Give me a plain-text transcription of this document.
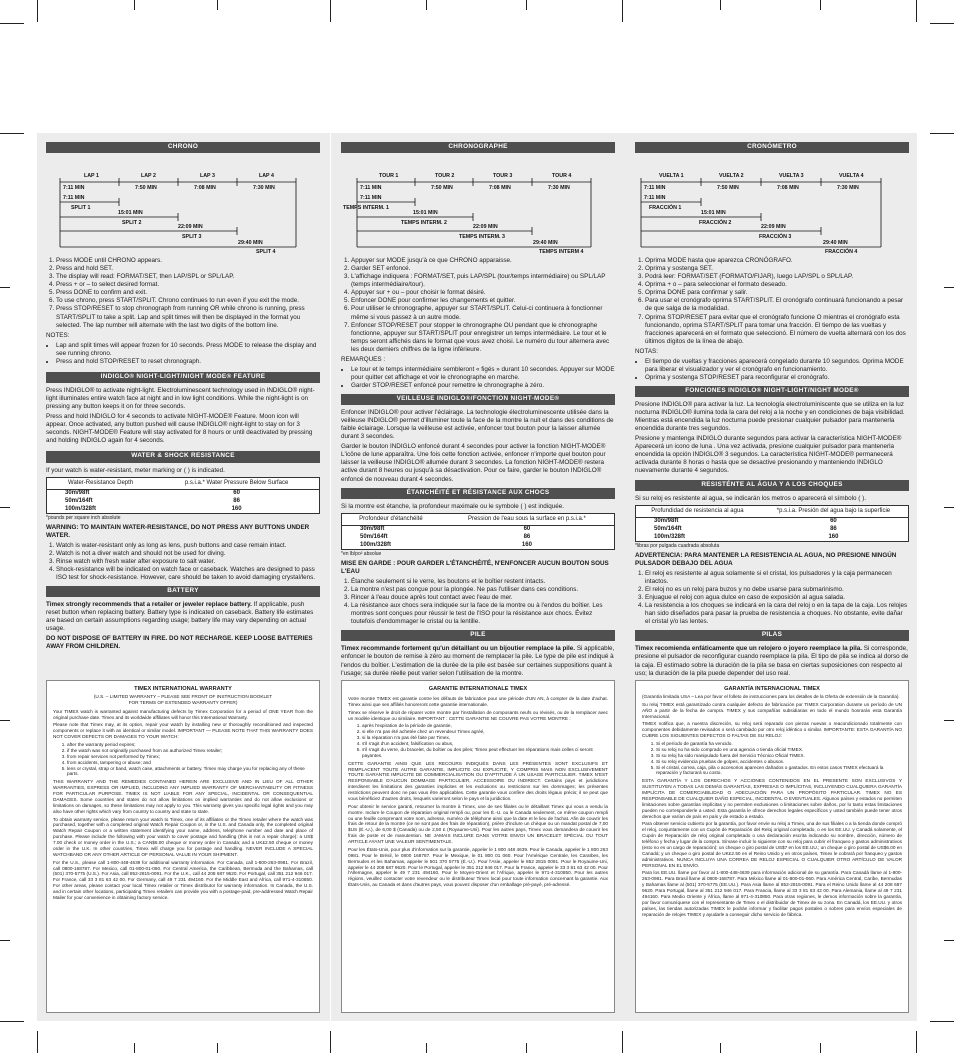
CHRONO
LAP 1	LAP 2	LAP 3	LAP 4
7:11 MIN	7:50 MIN	7:08 MIN	7:30 MIN
7:11 MIN
SPLIT 1
15:01 MIN
SPLIT 2
22:09 MIN
SPLIT 3
29:40 MIN
SPLIT 4
1. Press MODE until CHRONO appears.
2. Press and hold SET.
3. The display will read: FORMAT/SET, then LAP/SPL or SPL/LAP.
4. Press + or – to select desired format.
5. Press DONE to confirm and exit.
6. To use chrono, press START/SPLIT. Chrono continues to run even if you exit the mode.
7. Press STOP/RESET to stop chronograph from running OR while chrono is running, press START/SPLIT to take a split. Lap and split times will then be displayed in the format you selected. The lap number will alternate with the last two digits of the bottom line.

NOTES:

• Lap and split times will appear frozen for 10 seconds. Press MODE to release the display and see running chrono.
• Press and hold STOP/RESET to reset chronograph.
INDIGLO® NIGHT-LIGHT/NIGHT MODE® FEATURE

Press INDIGLO® to activate night-light. Electroluminescent technology used in INDIGLO® night-light illuminates entire watch face at night and in low light conditions. While the night-light is on pressing any button keeps it on for three seconds.

Press and hold INDIGLO for 4 seconds to activate NIGHT-MODE® Feature. Moon icon will appear. Once activated, any button pushed will cause INDIGLO® night-light to stay on for 3 seconds. NIGHT-MODE® Feature will stay activated for 8 hours or until deactivated by pressing and holding INDIGLO again for 4 seconds.

WATER & SHOCK RESISTANCE

If your watch is water-resistant, meter marking or ( ) is indicated.

Water-Resistance Depth	p.s.i.a.* Water Pressure Below Surface
30m/98ft	60
50m/164ft	86
100m/328ft	160

*pounds per square inch absolute

WARNING: TO MAINTAIN WATER-RESISTANCE, DO NOT PRESS ANY BUTTONS UNDER WATER.

1. Watch is water-resistant only as long as lens, push buttons and case remain intact.
2. Watch is not a diver watch and should not be used for diving.
3. Rinse watch with fresh water after exposure to salt water.
4. Shock-resistance will be indicated on watch face or caseback. Watches are designed to pass ISO test for shock-resistance. However, care should be taken to avoid damaging crystal/lens.
BATTERY

Timex strongly recommends that a retailer or jeweler replace battery. If applicable, push reset button when replacing battery. Battery type is indicated on caseback. Battery life estimates are based on certain assumptions regarding usage; battery life may vary depending on actual usage.

DO NOT DISPOSE OF BATTERY IN FIRE. DO NOT RECHARGE. KEEP LOOSE BATTERIES AWAY FROM CHILDREN.

TIMEX INTERNATIONAL WARRANTY
(U.S. – LIMITED WARRANTY – PLEASE SEE FRONT OF INSTRUCTION BOOKLET
FOR TERMS OF EXTENDED WARRANTY OFFER)

Your TIMEX watch is warranted against manufacturing defects by Timex Corporation for a period of ONE YEAR from the original purchase date. Timex and its worldwide affiliates will honor this International Warranty.

Please note that Timex may, at its option, repair your watch by installing new or thoroughly reconditioned and inspected components or replace it with an identical or similar model. IMPORTANT — PLEASE NOTE THAT THIS WARRANTY DOES NOT COVER DEFECTS OR DAMAGES TO YOUR WATCH:

1. after the warranty period expires;
2. if the watch was not originally purchased from an authorized Timex retailer;
3. from repair services not performed by Timex;
4. from accidents, tampering or abuse; and
5. lens or crystal, strap or band, watch case, attachments or battery. Timex may charge you for replacing any of these parts.

THIS WARRANTY AND THE REMEDIES CONTAINED HEREIN ARE EXCLUSIVE AND IN LIEU OF ALL OTHER WARRANTIES, EXPRESS OR IMPLIED, INCLUDING ANY IMPLIED WARRANTY OF MERCHANTABILITY OR FITNESS FOR PARTICULAR PURPOSE. TIMEX IS NOT LIABLE FOR ANY SPECIAL, INCIDENTAL OR CONSEQUENTIAL DAMAGES. Some countries and states do not allow limitations on implied warranties and do not allow exclusions or limitations on damages, so these limitations may not apply to you. This warranty gives you specific legal rights and you may also have other rights which vary from country to country and state to state.

To obtain warranty service, please return your watch to Timex, one of its affiliates or the Timex retailer where the watch was purchased, together with a completed original Watch Repair Coupon or, in the U.S. and Canada only, the completed original Watch Repair Coupon or a written statement identifying your name, address, telephone number and date and place of purchase. Please include the following with your watch to cover postage and handling (this is not a repair charge): a US$ 7.00 check or money order in the U.S.; a CAN$6.00 cheque or money order in Canada; and a UK£2.50 cheque or money order in the U.K. In other countries, Timex will charge you for postage and handling. NEVER INCLUDE A SPECIAL WATCHBAND OR ANY OTHER ARTICLE OF PERSONAL VALUE IN YOUR SHIPMENT.

For the U.S., please call 1-800-448-4639 for additional warranty information. For Canada, call 1-800-263-0981. For Brazil, call 0800-168787. For Mexico, call 01-800-01-060. For Central America, the Caribbean, Bermuda and the Bahamas, call (501) 370-5775 (U.S.). For Asia, call 852-2815-0091. For the U.K., call 44 208 687 9620. For Portugal, call 351 212 946 017. For France, call 33 3 81 63 42 00. For Germany, call 49 7 231 494160. For the Middle East and Africa, call 971-4-310850. For other areas, please contact your local Timex retailer or Timex distributor for warranty information. In Canada, the U.S. and in certain other locations, participating Timex retailers can provide you with a postage-paid, pre-addressed Watch Repair Mailer for your convenience in obtaining factory service.

CHRONOGRAPHE
TOUR 1	TOUR 2	TOUR 3	TOUR 4
7:11 MIN	7:50 MIN	7:08 MIN	7:30 MIN
7:11 MIN
TEMPS INTERM. 1
15:01 MIN
TEMPS INTERM. 2
22:09 MIN
TEMPS INTERM. 3
29:40 MIN
TEMPS INTERM 4
1. Appuyer sur MODE jusqu'à ce que CHRONO apparaisse.
2. Garder SET enfoncé.
3. L'affichage indiquera : FORMAT/SET, puis LAP/SPL (tour/temps intermédiaire) ou SPL/LAP (temps intermédiaire/tour).
4. Appuyer sur + ou – pour choisir le format désiré.
5. Enfoncer DONE pour confirmer les changements et quitter.
6. Pour utiliser le chronographe, appuyer sur START/SPLIT. Celui-ci continuera à fonctionner même si vous passez à un autre mode.
7. Enfoncer STOP/RESET pour stopper le chronographe OU pendant que le chronographe fonctionne, appuyer sur START/SPLIT pour enregistrer un temps intermédiaire. Le tour et le temps seront affichés dans le format que vous avez choisi. Le numéro du tour alternera avec les deux derniers chiffres de la ligne inférieure.

REMARQUES :

• Le tour et le temps intermédiaire sembleront « figés » durant 10 secondes. Appuyer sur MODE pour quitter cet affichage et voir le chronographe en marche.
• Garder STOP/RESET enfoncé pour remettre le chronographe à zéro.
VEILLEUSE INDIGLO®/FONCTION NIGHT-MODE®

Enfoncer INDIGLO® pour activer l'éclairage. La technologie électroluminescente utilisée dans la veilleuse INDIGLO® permet d'illuminer toute la face de la montre la nuit et dans des conditions de faible éclairage. Lorsque la veilleuse est activée, enfoncer tout bouton pour la laisser allumée durant 3 secondes.

Garder le bouton INDIGLO enfoncé durant 4 secondes pour activer la fonction NIGHT-MODE® L'icône de lune apparaîtra. Une fois cette fonction activée, enfoncer n'importe quel bouton pour laisser la veilleuse INDIGLO® allumée durant 3 secondes. La fonction NIGHT-MODE® restera active durant 8 heures ou jusqu'à sa désactivation. Pour ce faire, garder le bouton INDIGLO® enfoncé de nouveau durant 4 secondes.

ÉTANCHÉITÉ ET RÉSISTANCE AUX CHOCS

Si la montre est étanche, la profondeur maximale ou le symbole ( ) est indiquée.

Profondeur d'étanchéité	Pression de l'eau sous la surface en p.s.i.a.*
30m/98ft	60
50m/164ft	86
100m/328ft	160

*en lb/po² absolue

MISE EN GARDE : POUR GARDER L'ÉTANCHÉITÉ, N'ENFONCER AUCUN BOUTON SOUS L'EAU

1. Étanche seulement si le verre, les boutons et le boîtier restent intacts.
2. La montre n'est pas conçue pour la plongée. Ne pas l'utiliser dans ces conditions.
3. Rincer à l'eau douce après tout contact avec l'eau de mer.
4. La résistance aux chocs sera indiquée sur la face de la montre ou à l'endos du boîtier. Les montres sont conçues pour réussir le test de l'ISO pour la résistance aux chocs. Évitez toutefois d'endommager le cristal ou la lentille.
PILE

Timex recommande fortement qu'un détaillant ou un bijoutier remplace la pile. Si applicable, enfoncer le bouton de remise à zéro au moment de remplacer la pile. Le type de pile est indiqué à l'endos du boîtier. L'estimation de la durée de la pile est basée sur certaines suppositions quant à l'usage; sa durée réelle peut varier selon l'utilisation de la montre.

GARANTIE INTERNATIONALE TIMEX

Votre montre TIMEX est garantie contre les défauts de fabrication pour une période d'UN AN, à compter de la date d'achat. Timex ainsi que ses affiliés honoreront cette garantie internationale.

Timex se réserve le droit de réparer votre montre par l'installation de composants neufs ou révisés, ou de la remplacer avec un modèle identique ou similaire. IMPORTANT : CETTE GARANTIE NE COUVRE PAS VOTRE MONTRE :

1. après l'expiration de la période de garantie,
2. si elle n'a pas été achetée chez un revendeur Timex agréé,
3. si la réparation n'a pas été faite par Timex,
4. s'il s'agit d'un accident, falsification ou abus,
5. s'il s'agit du verre, du bracelet, du boîtier ou des piles; Timex peut effectuer les réparations mais celles ci seront payantes.

CETTE GARANTIE AINSI QUE LES RECOURS INDIQUÉS DANS LES PRÉSENTES SONT EXCLUSIFS ET REMPLACENT TOUTE AUTRE GARANTIE, IMPLICITE OU EXPLICITE, Y COMPRIS MAIS NON EXCLUSIVEMENT TOUTE GARANTIE IMPLICITE DE COMMERCIALISATION OU D'APTITUDE À UN USAGE PARTICULIER. TIMEX N'EST RESPONSABLE D'AUCUN DOMMAGE PARTICULIER, ACCESSOIRE OU INDIRECT. Certains pays et juridictions interdisent les limitations des garanties implicites et les exclusions ou restrictions sur les dommages; les présentes restrictions peuvent donc ne pas vous être applicables. Cette garantie vous confère des droits légaux précis; il se peut que vous bénéficiez d'autres droits, lesquels varieront selon le pays et la juridiction.

Pour obtenir le service garanti, retourner la montre à Timex, une de ses filiales ou le détaillant Timex qui vous a vendu la montre. Inclure le Coupon de réparation original rempli ou, pour les É.-U. ou le Canada seulement, ce même coupon rempli ou une feuille comprenant votre nom, adresse, numéro de téléphone ainsi que la date et le lieu de l'achat. Afin de couvrir les frais de retour de la montre (ce ne sont pas des frais de réparation), prière d'inclure un chèque ou un mandat postal de 7,00 $US (É.-U.), de 6,00 $ (Canada) ou de 2,50 £ (Royaume-Uni). Pour les autres pays, Timex vous demandera de couvrir les frais de poste et de manutention. NE JAMAIS INCLURE DANS VOTRE ENVOI UN BRACELET SPÉCIAL OU TOUT ARTICLE AYANT UNE VALEUR SENTIMENTALE.

Pour les États-Unis, pour plus d'information sur la garantie, appeler le 1 800 448 4639. Pour le Canada, appeler le 1 800 263 0981. Pour le Brésil, le 0800 168787. Pour le Mexique, le 01 800 01 060. Pour l'Amérique Centrale, les Caraïbes, les Bermudes et les Bahamas, appeler le 501 370 5775 (É.-U.). Pour l'Asie, appeler le 852 2815 0091. Pour le Royaume-Uni, appeler le 44 208 687 9620. Pour le Portugal, appeler le 351 212 946 017. Pour la France, appeler le 33 3 81 63 42 00. Pour l'Allemagne, appeler le 49 7 231 494160. Pour le Moyen-Orient et l'Afrique, appeler le 971-4-310850. Pour les autres régions, veuillez contacter votre revendeur ou le distributeur Timex local pour toute information concernant la garantie. Aux États-Unis, au Canada et dans d'autres pays, vous pouvez disposer d'un emballage pré-payé, pré-adressé.

CRONÓMETRO
VUELTA 1	VUELTA 2	VUELTA 3	VUELTA 4
7:11 MIN	7:50 MIN	7:08 MIN	7:30 MIN
7:11 MIN
FRACCIÓN 1
15:01 MIN
FRACCIÓN 2
22:09 MIN
FRACCIÓN 3
29:40 MIN
FRACCIÓN 4
1. Oprima MODE hasta que aparezca CRONÓGRAFO.
2. Oprima y sostenga SET.
3. Podrá leer: FORMAT/SET (FORMATO/FIJAR), luego LAP/SPL o SPL/LAP.
4. Oprima + o – para seleccionar el formato deseado.
5. Oprima DONE para confirmar y salir.
6. Para usar el cronógrafo oprima START/SPLIT. El cronógrafo continuará funcionando a pesar de que salga de la modalidad.
7. Oprima STOP/RESET para evitar que el cronógrafo funcione O mientras el cronógrafo esta funcionando, oprima START/SPLIT para tomar una fracción. El tiempo de las vueltas y fracciones aparecerá en el formato que seleccionó. El número de vuelta alternará con los dos últimos dígitos de la línea de abajo.

NOTAS:

• El tiempo de vueltas y fracciones aparecerá congelado durante 10 segundos. Oprima MODE para liberar el visualizador y ver el cronógrafo en funcionamiento.
• Oprima y sostenga STOP/RESET para reconfigurar el cronógrafo.
FONCIONES INDIGLO® NIGHT-LIGHT/NIGHT MODE®

Presione INDIGLO® para activar la luz. La tecnología electroluminiscente que se utiliza en la luz nocturna INDIGLO® ilumina toda la cara del reloj a la noche y en condiciones de baja visibilidad. Mientras está encendida la luz nocturna puede presionar cualquier pulsador para mantenerla encendida durante tres segundos.

Presione y mantenga INDIGLO durante segundos para activar la característica NIGHT-MODE® Aparecerá un icono de luna . Una vez activada, presione cualquier pulsador para mantenerla encendida la opción INDIGLO® 3 segundos. La característica NIGHT-MODE® permanecerá activada durante 8 horas o hasta que se desactive presionando y manteniendo INDIGLO nuevamente durante 4 segundos.

RESISTÉNTE AL ÁGUA Y A LOS CHOQUES

Si su reloj es resistente al agua, se indicarán los metros o aparecerá el símbolo ( ).

Profundidad de resistencia al agua	*p.s.i.a. Presión del agua bajo la superficie
30m/98ft	60
50m/164ft	86
100m/328ft	160

*libras por pulgada cuadrada absoluta

ADVERTENCIA: PARA MANTENER LA RESISTENCIA AL AGUA, NO PRESIONE NINGÚN PULSADOR DEBAJO DEL AGUA

1. El reloj es resistente al agua solamente si el cristal, los pulsadores y la caja permanecen intactos.
2. El reloj no es un reloj para buzos y no debe usarse para submarinismo.
3. Enjuague el reloj con agua dulce en caso de exposición al agua salada.
4. La resistencia a los choques se indicará en la cara del reloj o en la tapa de la caja. Los relojes han sido diseñados para pasar la prueba de resistencia a choques. No obstante, evite dañar el cristal y/o las lentes.
PILAS

Timex recomienda enfáticamente que un relojero o joyero reemplace la pila. Si corresponde, presione el pulsador de reconfigurar cuando reemplace la pila. El tipo de pila se indica al dorso de la caja. El estimado sobre la duración de la pila se basa en ciertas suposiciones con respecto al uso; la duración de la pila puede depender del uso real.

GARANTÍA INTERNACIONAL TIMEX

(Garantía limitada USA – Lea por favor el folleto de instrucciones para los detalles de la Oferta de extensión de la Garantía).

Su reloj TIMEX está garantizado contra cualquier defecto de fabricación por TIMEX Corporation durante un período de UN AÑO a partir de la fecha de compra. TIMEX y sus compañías subsidiarias en todo el mundo honrarán esta Garantía Internacional.

TIMEX notifica que, a nuestra discreción, su reloj será reparado con piezas nuevas o reacondicionado totalmente con componentes debidamente revisados o será cambiado por otro reloj idéntico o similar. IMPORTANTE: ESTA GARANTÍA NO CUBRE LOS SIGUIENTES DEFECTOS O FALTAS DE SU RELOJ:

1. Si el período de garantía ha vencido.
2. Si su reloj no ha sido comprado en una agencia o tienda oficial TIMEX.
3. Si su reloj ha sido manipulado fuera del Servicio Técnico Oficial TIMEX.
4. Si su reloj evidencia pruebas de golpes, accidentes o abusos.
5. Si el cristal, correa, caja, pila o accesorios aparecen dañados o gastados. En estos casos TIMEX efectuará la reparación y facturará su costo.

ESTA GARANTÍA Y LOS DERECHOS Y ACCIONES CONTENIDOS EN EL PRESENTE SON EXCLUSIVOS Y SUSTITUYEN A TODAS LAS DEMÁS GARANTÍAS, EXPRESAS O IMPLÍCITAS, INCLUYENDO CUALQUIERA GARANTÍA IMPLÍCITA DE COMERCIABILIDAD O ADECUACIÓN PARA UN PROPÓSITO PARTICULAR. TIMEX NO ES RESPONSABLE DE CUALQUIER DAÑO ESPECIAL, INCIDENTAL O EVENTUALES. Algunos países y estados no permiten limitaciones sobre garantías implícitas y no permiten exclusiones o limitaciones sobre daños, por lo tanto estas limitaciones pueden no corresponderle a usted. Esta garantía le ofrece derechos legales específicos y usted también puede tener otros derechos que varían de país en país y de estado a estado.

Para obtener servicio cubierto por la garantía, por favor envíe su reloj a Timex, una de sus filiales o a la tienda donde compró el reloj, conjuntamente con un Cupón de Reparación del Reloj original completado, o en los EE.UU. y Canadá solamente, el Cupón de Reparación de reloj original completado o una declaración escrita indicando su nombre, dirección, número de teléfono y fecha y lugar de la compra. Sírvase incluir lo siguiente con su reloj para cubrir el franqueo y gastos administrativos (esto no es un cargo de reparación): un cheque o giro postal de US$7 en los EE.UU.; un cheque o giro postal de US$6.00 en Canadá; y un cheque o giro postal de UK£2.50 en el Reino Unido y en otros países, Timex le cobrará por franqueo y gastos administrativos. NUNCA INCLUYA UNA CORREA DE RELOJ ESPECIAL O CUALQUIER OTRO ARTÍCULO DE VALOR PERSONAL EN EL ENVÍO.

Para los EE.UU. llame por favor al 1-800-448-4639 para información adicional de su garantía. Para Canadá llame al 1-800-263-0981. Para Brasil llame al 0800-168787. Para México llame al 01-800-01-060. Para América Central, Caribe, Bermudas y Bahamas llame al (501) 370-5775 (EE.UU.). Para Asia llame al 852-2815-0091. Para el Reino Unido llame al 44 208 687 9620. Para Portugal, llame al 351 212 946 017. Para Francia, llame al 33 3 81 63 42 00. Para Alemania, llame al 49 7 231 494160. Para Medio Oriente y África, llame al 971-4-310850. Para otras regiones, le demos información sobre la garantía, por favor comuníquese con el representante de Timex o el distribuidor de Timex de su zona. En Canadá, los EE.UU. y otros países, las tiendas autorizadas TIMEX le podrán informar y facilitar pagos postales o sobres para envíos especiales de reparación de relojes TIMEX y ayudarle a conseguir dicho servicio de fábrica.
